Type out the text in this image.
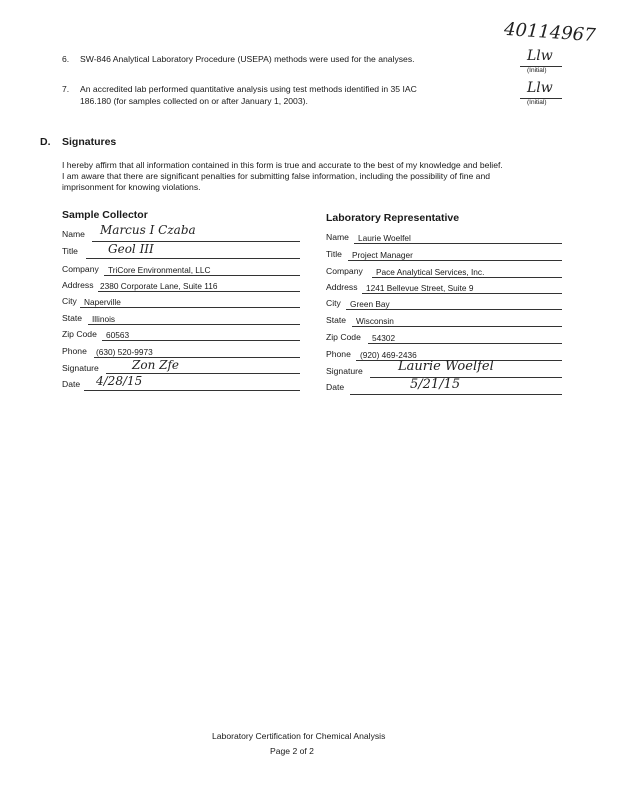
40114967
6. SW-846 Analytical Laboratory Procedure (USEPA) methods were used for the analyses.	Llw
(Initial)
7. An accredited lab performed quantitative analysis using test methods identified in 35 IAC
186.180 (for samples collected on or after January 1, 2003).
Llw
(Initial)
D. Signatures
I hereby affirm that all information contained in this form is true and accurate to the best of my knowledge and belief.
I am aware that there are significant penalties for submitting false information, including the possibility of fine and
imprisonment for knowing violations.
Sample Collector
Name Marcus I Czaba
Title	Geol III
Company TriCore Environmental, LLC
Address 2380 Corporate Lane, Suite 116
City Naperville
State Illinois
Zip Code 60563
Phone (630) 520-9973
Signature	Zon Zfe
Date 4/28/15
Laboratory Representative
Name Laurie Woelfel
Title Project Manager
Company Pace Analytical Services, Inc.
Address 1241 Bellevue Street, Suite 9
City Green Bay
State Wisconsin
Zip Code 54302
Phone (920) 469-2436
Signature	Laurie Woelfel
Date	5/21/15
Laboratory Certification for Chemical Analysis
Page 2 of 2
